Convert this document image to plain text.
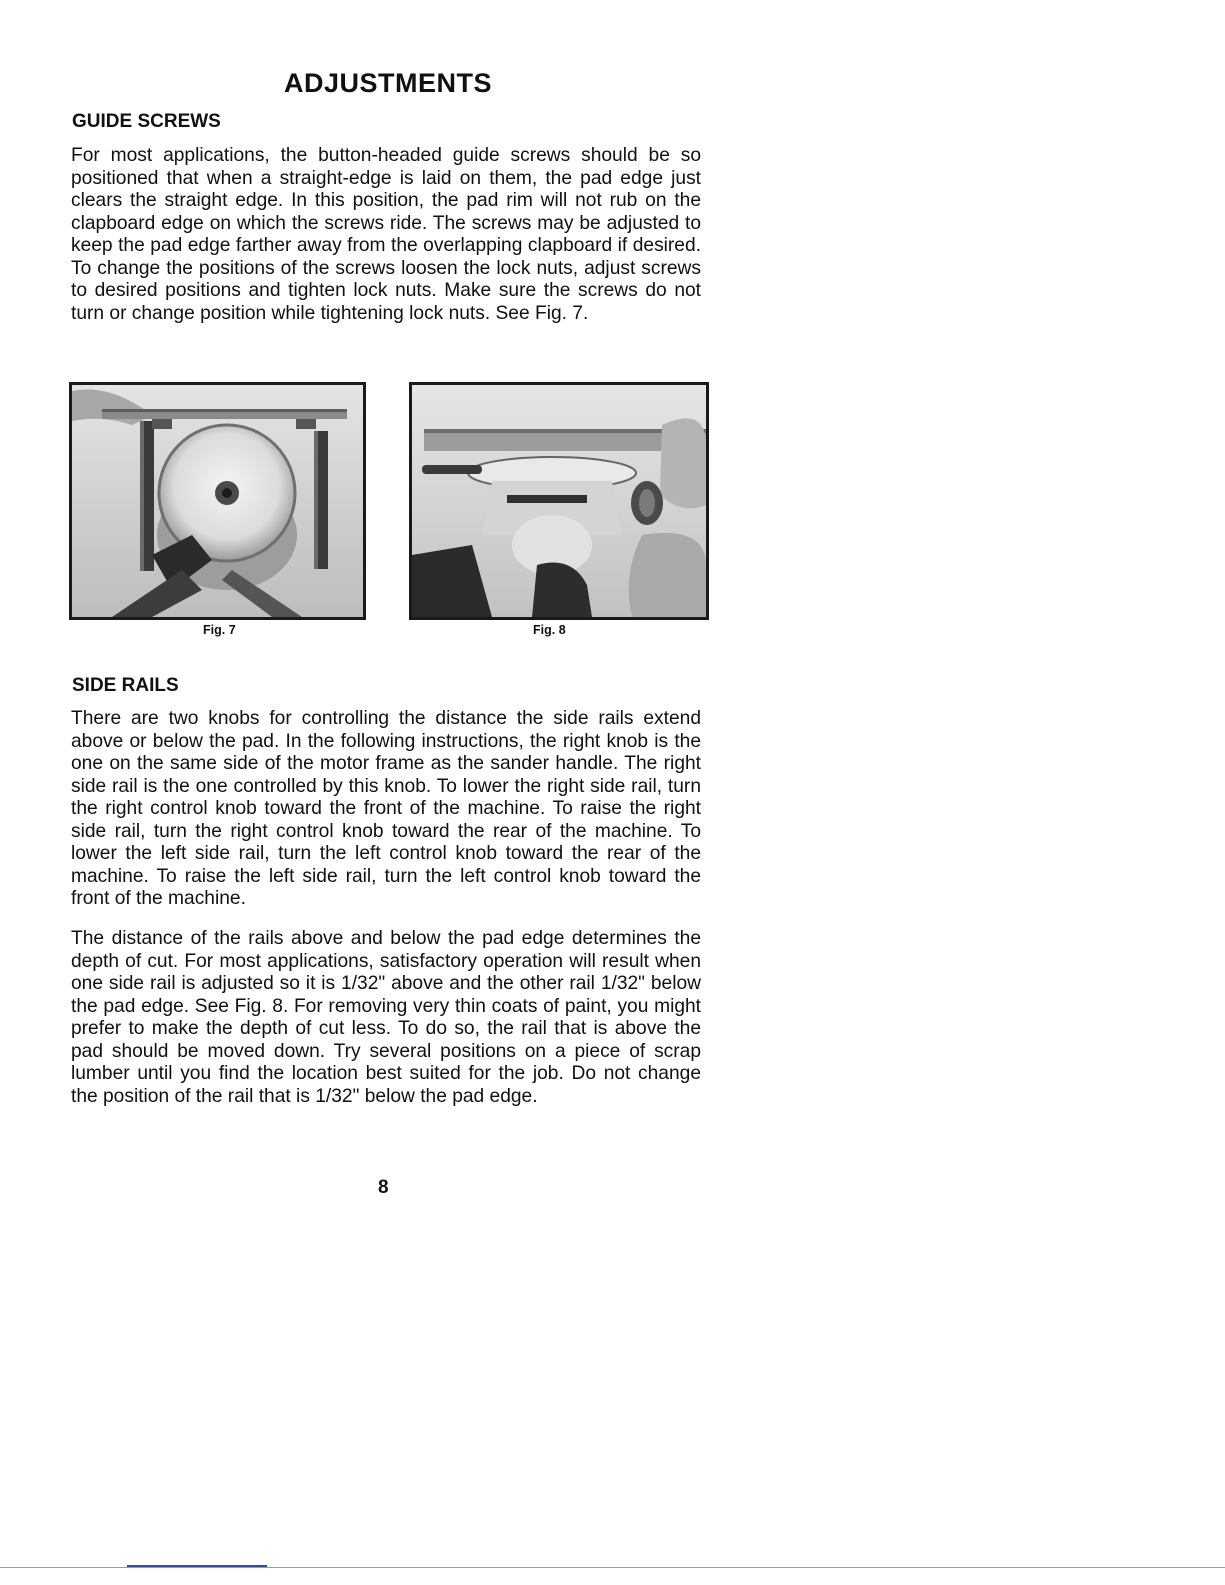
ADJUSTMENTS
GUIDE SCREWS

For most applications, the button-headed guide screws should be so positioned that when a straight-edge is laid on them, the pad edge just clears the straight edge. In this position, the pad rim will not rub on the clapboard edge on which the screws ride. The screws may be adjusted to keep the pad edge farther away from the overlapping clapboard if desired. To change the positions of the screws loosen the lock nuts, adjust screws to desired positions and tighten lock nuts. Make sure the screws do not turn or change position while tightening lock nuts. See Fig. 7.

Fig. 7	Fig. 8

SIDE RAILS

There are two knobs for controlling the distance the side rails extend above or below the pad. In the following instructions, the right knob is the one on the same side of the motor frame as the sander handle. The right side rail is the one controlled by this knob. To lower the right side rail, turn the right control knob toward the front of the machine. To raise the right side rail, turn the right control knob toward the rear of the machine. To lower the left side rail, turn the left control knob toward the rear of the machine. To raise the left side rail, turn the left control knob toward the front of the machine.

The distance of the rails above and below the pad edge determines the depth of cut. For most applications, satisfactory operation will result when one side rail is adjusted so it is 1/32" above and the other rail 1/32" below the pad edge. See Fig. 8. For removing very thin coats of paint, you might prefer to make the depth of cut less. To do so, the rail that is above the pad should be moved down. Try several positions on a piece of scrap lumber until you find the location best suited for the job. Do not change the position of the rail that is 1/32" below the pad edge.

8
